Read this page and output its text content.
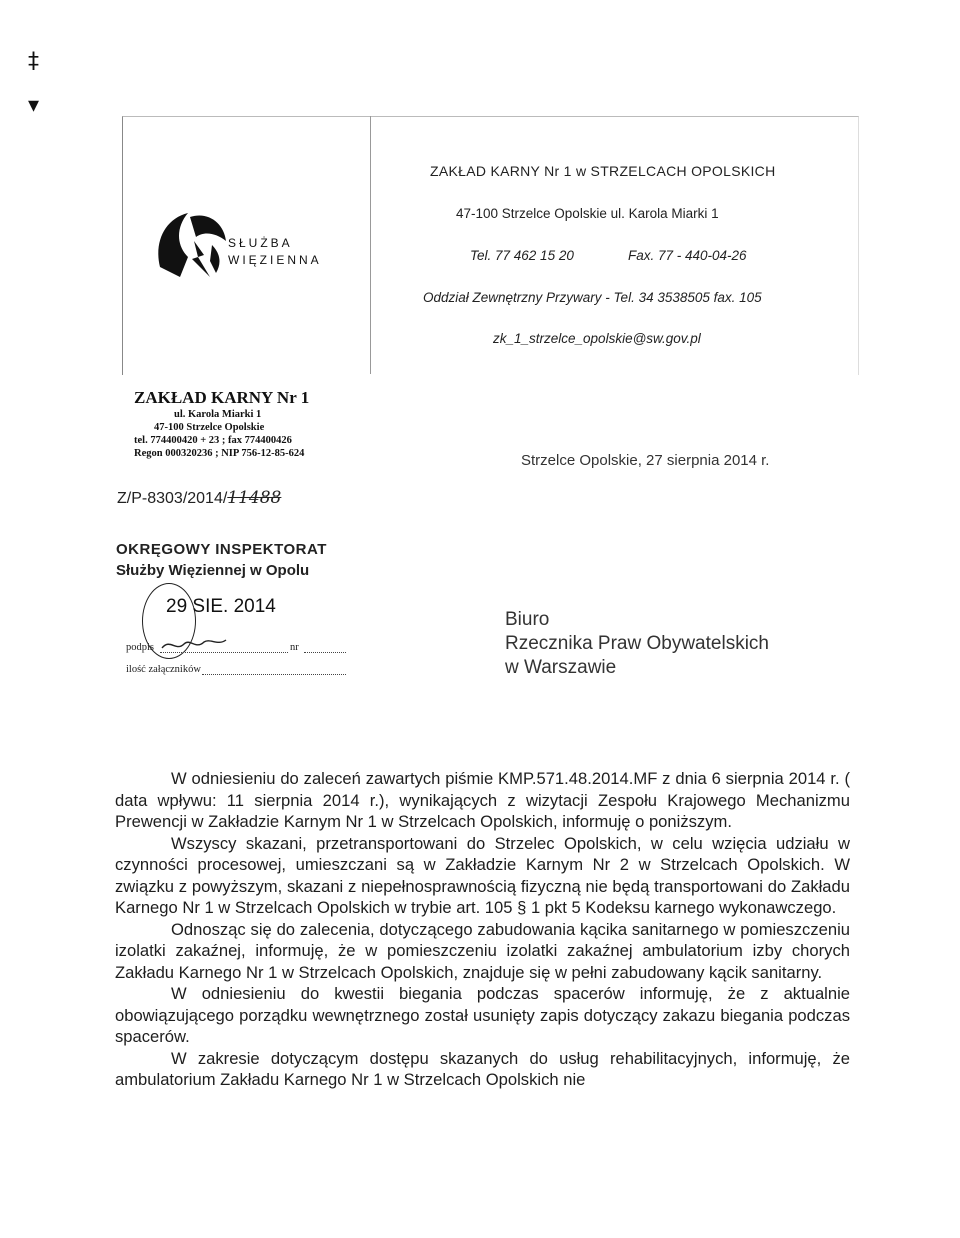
‡
▾
SŁUŻBA
WIĘZIENNA
ZAKŁAD KARNY Nr 1 w STRZELCACH OPOLSKICH
47-100 Strzelce Opolskie ul. Karola Miarki 1
Tel. 77 462 15 20	Fax. 77 - 440-04-26
Oddział Zewnętrzny Przywary - Tel. 34 3538505 fax. 105
zk_1_strzelce_opolskie@sw.gov.pl
ZAKŁAD KARNY Nr 1
ul. Karola Miarki 1
47-100 Strzelce Opolskie
tel. 774400420 + 23 ; fax 774400426
Regon 000320236 ; NIP 756-12-85-624	Strzelce Opolskie, 27 sierpnia 2014 r.
Z/P-8303/2014/11488
OKRĘGOWY INSPEKTORAT
Służby Więziennej w Opolu
29 SIE. 2014
podpis	nr
ilość załączników
Biuro
Rzecznika Praw Obywatelskich
w Warszawie

W odniesieniu do zaleceń zawartych piśmie KMP.571.48.2014.MF z dnia 6 sierpnia 2014 r. ( data wpływu: 11 sierpnia 2014 r.), wynikających z wizytacji Zespołu Krajowego Mechanizmu Prewencji w Zakładzie Karnym Nr 1 w Strzelcach Opolskich, informuję o poniższym.

Wszyscy skazani, przetransportowani do Strzelec Opolskich, w celu wzięcia udziału w czynności procesowej, umieszczani są w Zakładzie Karnym Nr 2 w Strzelcach Opolskich. W związku z powyższym, skazani z niepełnosprawnością fizyczną nie będą transportowani do Zakładu Karnego Nr 1 w Strzelcach Opolskich w trybie art. 105 § 1 pkt 5 Kodeksu karnego wykonawczego.

Odnosząc się do zalecenia, dotyczącego zabudowania kącika sanitarnego w pomieszczeniu izolatki zakaźnej, informuję, że w pomieszczeniu izolatki zakaźnej ambulatorium izby chorych Zakładu Karnego Nr 1 w Strzelcach Opolskich, znajduje się w pełni zabudowany kącik sanitarny.

W odniesieniu do kwestii biegania podczas spacerów informuję, że z aktualnie obowiązującego porządku wewnętrznego został usunięty zapis dotyczący zakazu biegania podczas spacerów.

W zakresie dotyczącym dostępu skazanych do usług rehabilitacyjnych, informuję, że ambulatorium Zakładu Karnego Nr 1 w Strzelcach Opolskich nie
